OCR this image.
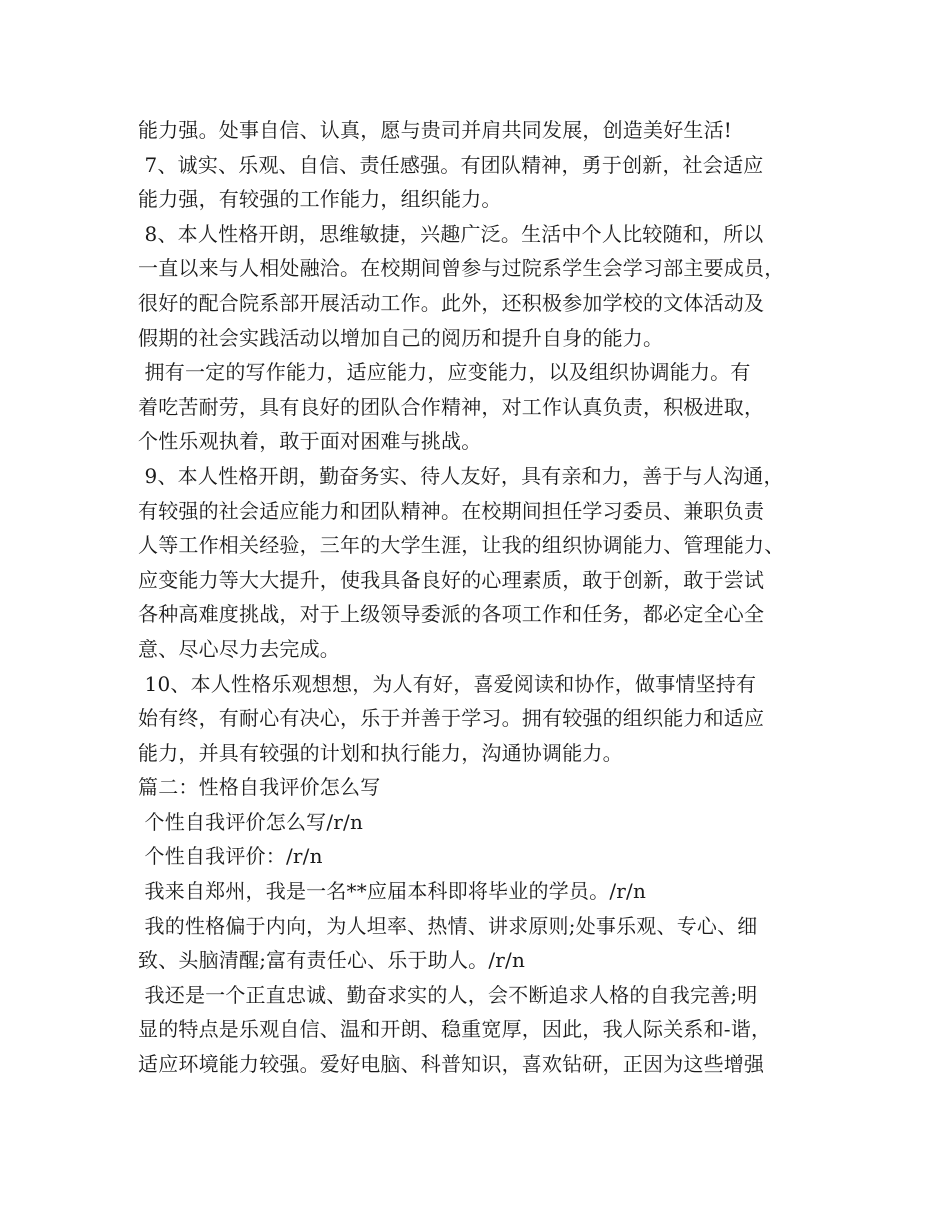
能力强。处事自信、认真，愿与贵司并肩共同发展，创造美好生活!
7、诚实、乐观、自信、责任感强。有团队精神，勇于创新，社会适应
能力强，有较强的工作能力，组织能力。
8、本人性格开朗，思维敏捷，兴趣广泛。生活中个人比较随和，所以
一直以来与人相处融洽。在校期间曾参与过院系学生会学习部主要成员，
很好的配合院系部开展活动工作。此外，还积极参加学校的文体活动及
假期的社会实践活动以增加自己的阅历和提升自身的能力。
拥有一定的写作能力，适应能力，应变能力，以及组织协调能力。有
着吃苦耐劳，具有良好的团队合作精神，对工作认真负责，积极进取，
个性乐观执着，敢于面对困难与挑战。
9、本人性格开朗，勤奋务实、待人友好，具有亲和力，善于与人沟通，
有较强的社会适应能力和团队精神。在校期间担任学习委员、兼职负责
人等工作相关经验，三年的大学生涯，让我的组织协调能力、管理能力、
应变能力等大大提升，使我具备良好的心理素质，敢于创新，敢于尝试
各种高难度挑战，对于上级领导委派的各项工作和任务，都必定全心全
意、尽心尽力去完成。
10、本人性格乐观想想，为人有好，喜爱阅读和协作，做事情坚持有
始有终，有耐心有决心，乐于并善于学习。拥有较强的组织能力和适应
能力，并具有较强的计划和执行能力，沟通协调能力。
篇二：性格自我评价怎么写
个性自我评价怎么写/r/n
个性自我评价：/r/n
我来自郑州，我是一名**应届本科即将毕业的学员。/r/n
我的性格偏于内向，为人坦率、热情、讲求原则;处事乐观、专心、细
致、头脑清醒;富有责任心、乐于助人。/r/n
我还是一个正直忠诚、勤奋求实的人，会不断追求人格的自我完善;明
显的特点是乐观自信、温和开朗、稳重宽厚，因此，我人际关系和-谐，
适应环境能力较强。爱好电脑、科普知识，喜欢钻研，正因为这些增强
